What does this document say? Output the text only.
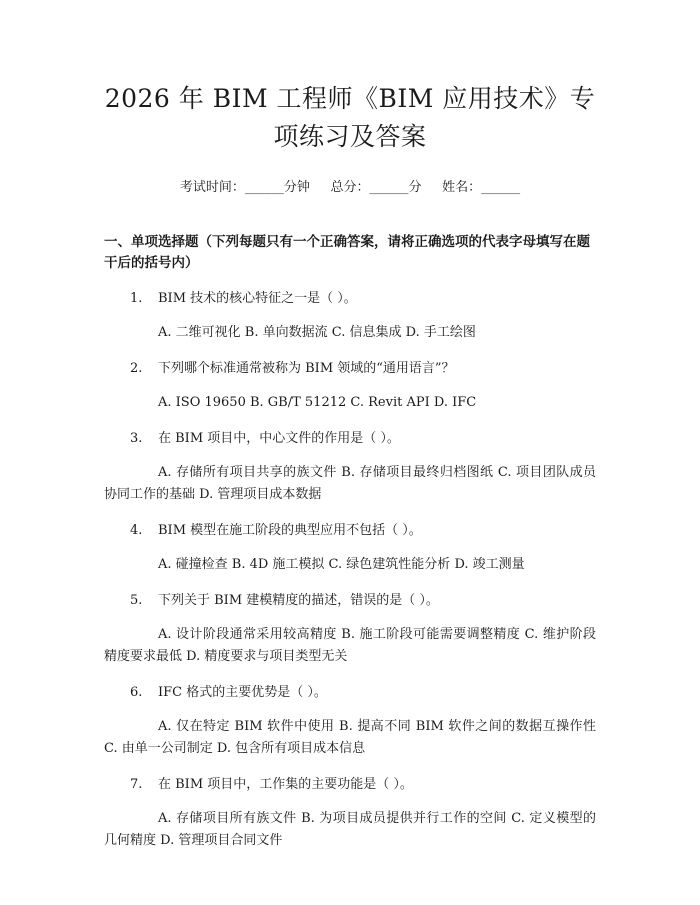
2026 年 BIM 工程师《BIM 应用技术》专项练习及答案
考试时间：______分钟     总分：______分     姓名：______
一、单项选择题（下列每题只有一个正确答案，请将正确选项的代表字母填写在题干后的括号内）
1. BIM 技术的核心特征之一是（ ）。
A. 二维可视化 B. 单向数据流 C. 信息集成 D. 手工绘图
2. 下列哪个标准通常被称为 BIM 领域的“通用语言”？
A. ISO 19650 B. GB/T 51212 C. Revit API D. IFC
3. 在 BIM 项目中，中心文件的作用是（ ）。
A. 存储所有项目共享的族文件 B. 存储项目最终归档图纸 C. 项目团队成员协同工作的基础 D. 管理项目成本数据
4. BIM 模型在施工阶段的典型应用不包括（ ）。
A. 碰撞检查 B. 4D 施工模拟 C. 绿色建筑性能分析 D. 竣工测量
5. 下列关于 BIM 建模精度的描述，错误的是（ ）。
A. 设计阶段通常采用较高精度 B. 施工阶段可能需要调整精度 C. 维护阶段精度要求最低 D. 精度要求与项目类型无关
6. IFC 格式的主要优势是（ ）。
A. 仅在特定 BIM 软件中使用 B. 提高不同 BIM 软件之间的数据互操作性 C. 由单一公司制定 D. 包含所有项目成本信息
7. 在 BIM 项目中，工作集的主要功能是（ ）。
A. 存储项目所有族文件 B. 为项目成员提供并行工作的空间 C. 定义模型的几何精度 D. 管理项目合同文件
